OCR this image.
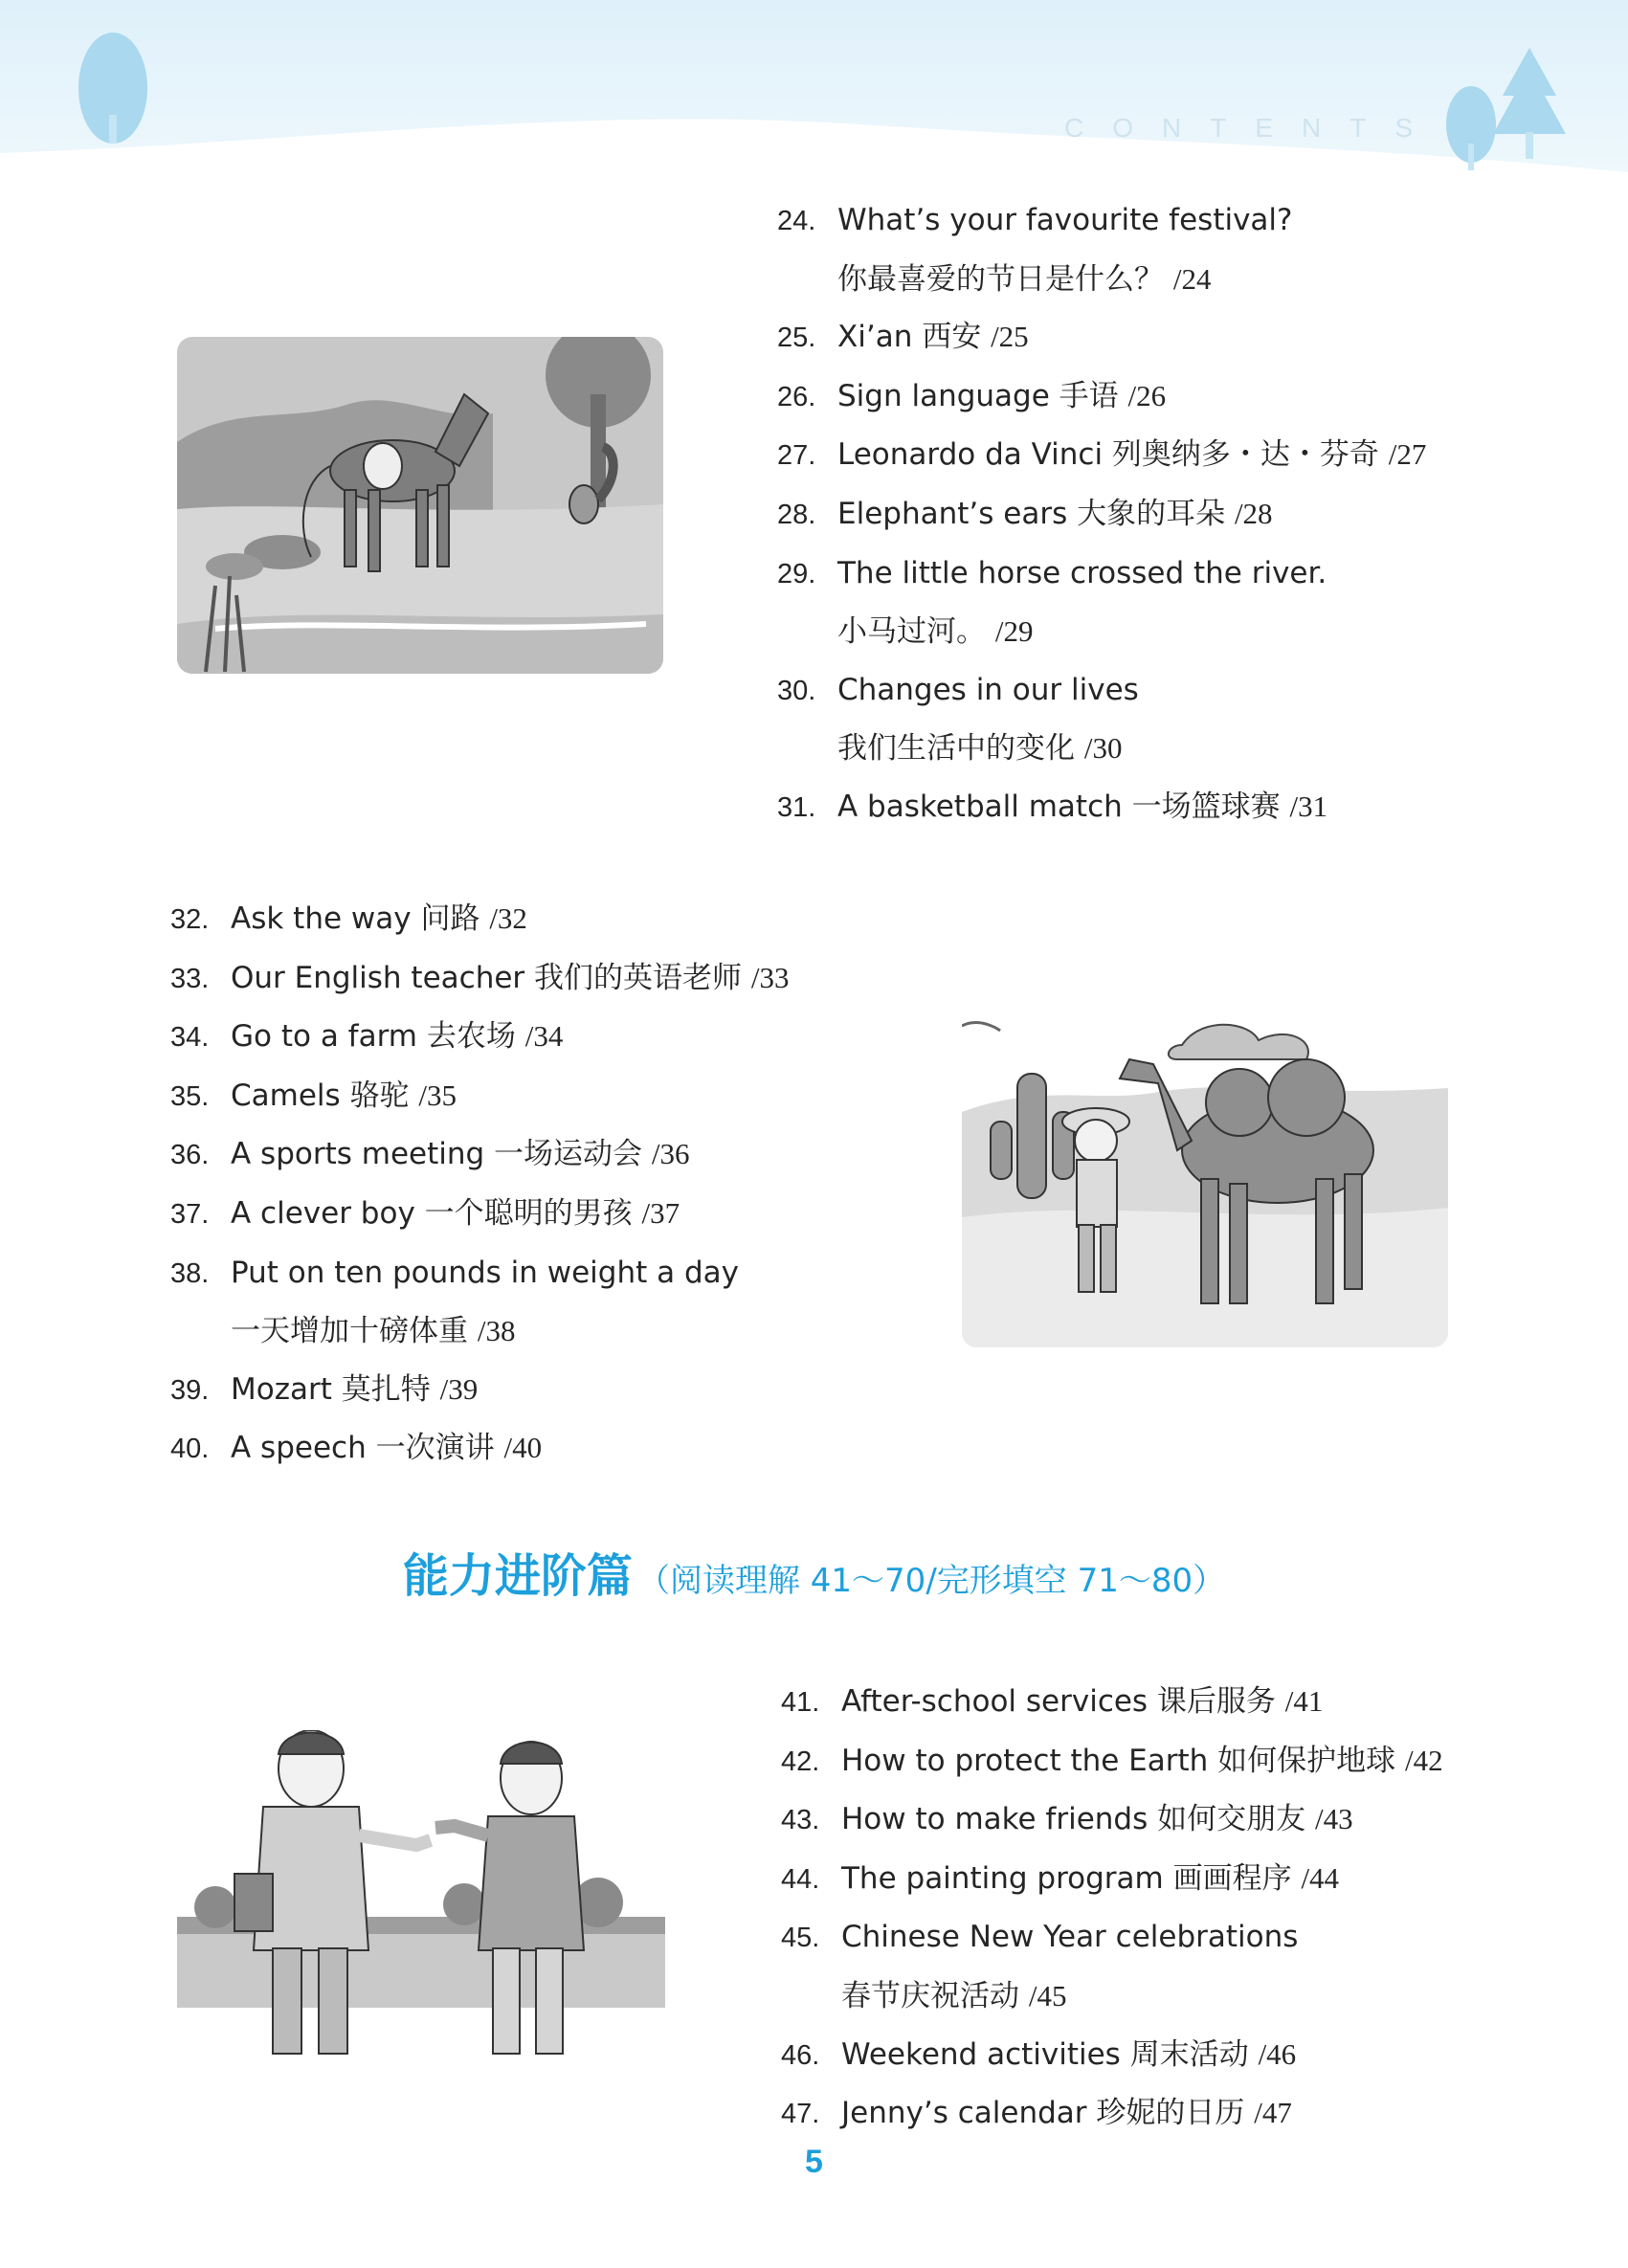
CONTENTS
24. What’s your favourite festival?
你最喜爱的节日是什么？ /24
25. Xi’an 西安 /25
26. Sign language 手语 /26
27. Leonardo da Vinci 列奥纳多・达・芬奇 /27
28. Elephant’s ears 大象的耳朵 /28
29. The little horse crossed the river.
小马过河。 /29
30. Changes in our lives
我们生活中的变化 /30
31. A basketball match 一场篮球赛 /31
32. Ask the way 问路 /32
33. Our English teacher 我们的英语老师 /33
34. Go to a farm 去农场 /34
35. Camels 骆驼 /35
36. A sports meeting 一场运动会 /36
37. A clever boy 一个聪明的男孩 /37
38. Put on ten pounds in weight a day
一天增加十磅体重 /38
39. Mozart 莫扎特 /39
40. A speech 一次演讲 /40
能力进阶篇 （阅读理解 41～70/完形填空 71～80）
41. After-school services 课后服务 /41
42. How to protect the Earth 如何保护地球 /42
43. How to make friends 如何交朋友 /43
44. The painting program 画画程序 /44
45. Chinese New Year celebrations
春节庆祝活动 /45
46. Weekend activities 周末活动 /46
47. Jenny’s calendar 珍妮的日历 /47
5
